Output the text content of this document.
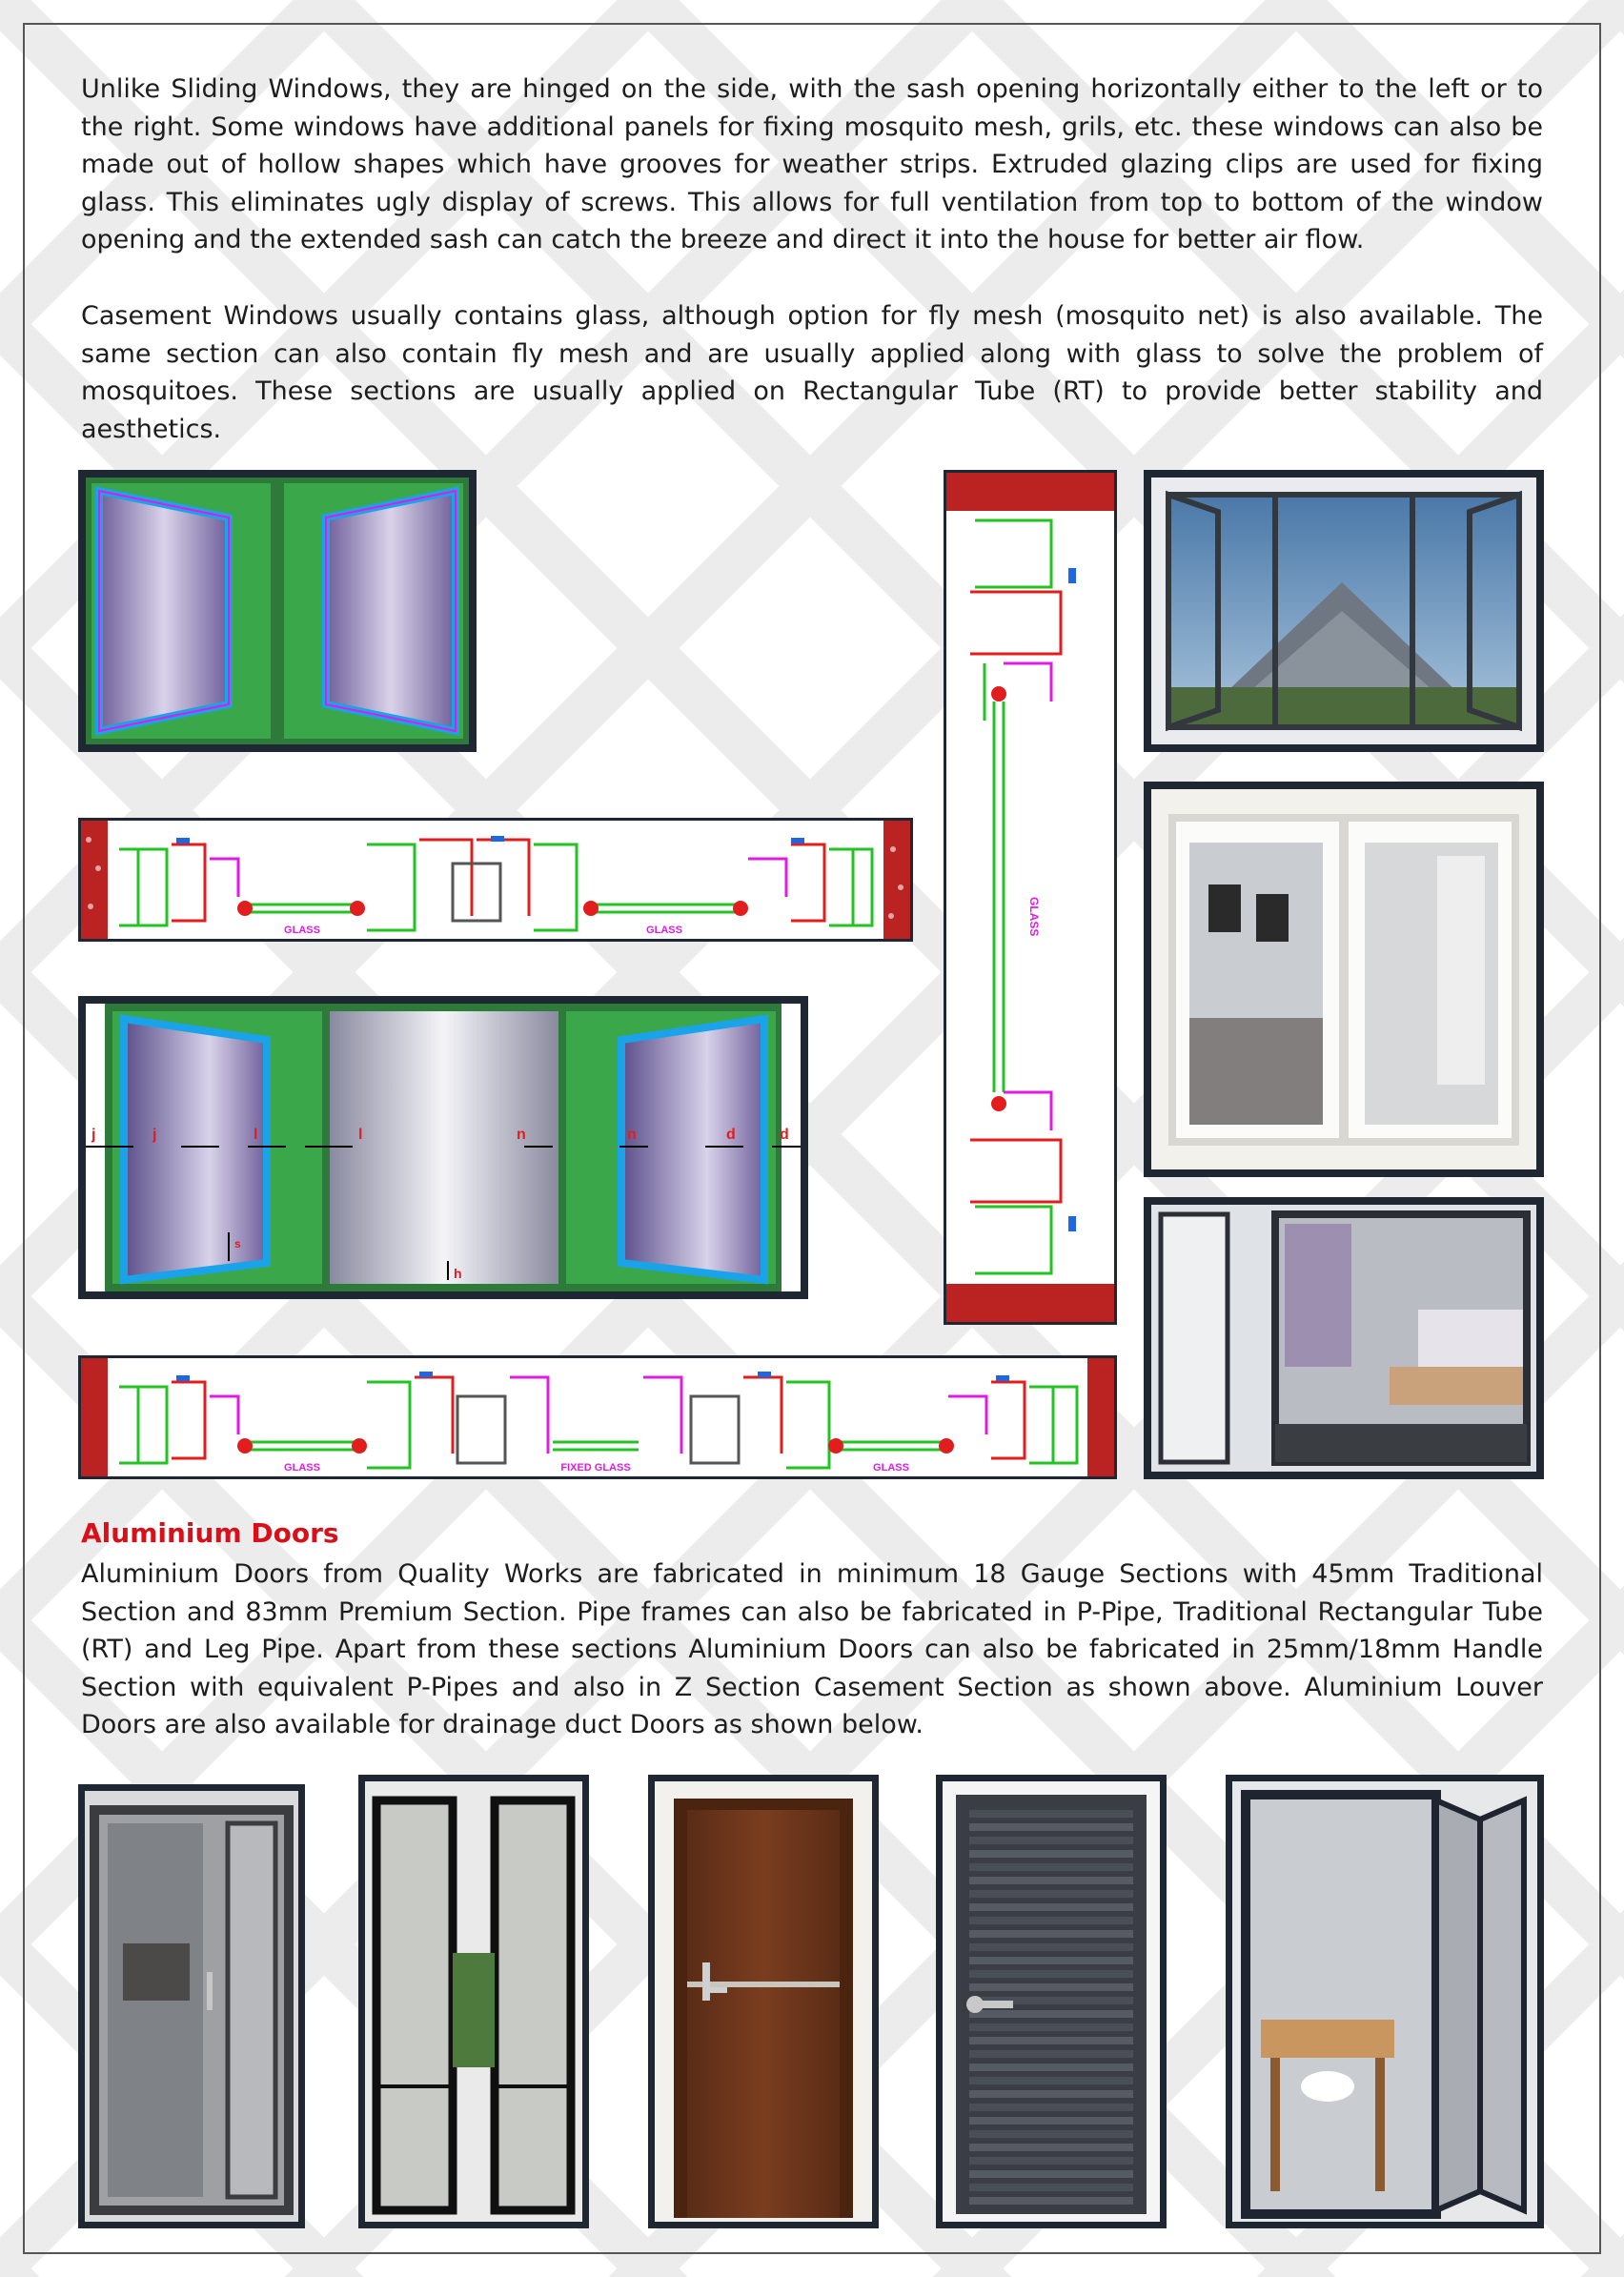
Unlike Sliding Windows, they are hinged on the side, with the sash opening horizontally either to the left or to the right. Some windows have additional panels for fixing mosquito mesh, grils, etc. these windows can also be made out of hollow shapes which have grooves for weather strips. Extruded glazing clips are used for fixing glass. This eliminates ugly display of screws. This allows for full ventilation from top to bottom of the window opening and the extended sash can catch the breeze and direct it into the house for better air flow.

Casement Windows usually contains glass, although option for fly mesh (mosquito net) is also available. The same section can also contain fly mesh and are usually applied along with glass to solve the problem of mosquitoes. These sections are usually applied on Rectangular Tube (RT) to provide better stability and aesthetics.

GLASS	GLASS
j	j	l	l	n	n	d	d
s
h
GLASS	FIXED GLASS	GLASS
GLASS
Aluminium Doors

Aluminium Doors from Quality Works are fabricated in minimum 18 Gauge Sections with 45mm Traditional Section and 83mm Premium Section. Pipe frames can also be fabricated in P-Pipe, Traditional Rectangular Tube (RT) and Leg Pipe. Apart from these sections Aluminium Doors can also be fabricated in 25mm/18mm Handle Section with equivalent P-Pipes and also in Z Section Casement Section as shown above. Aluminium Louver Doors are also available for drainage duct Doors as shown below.
